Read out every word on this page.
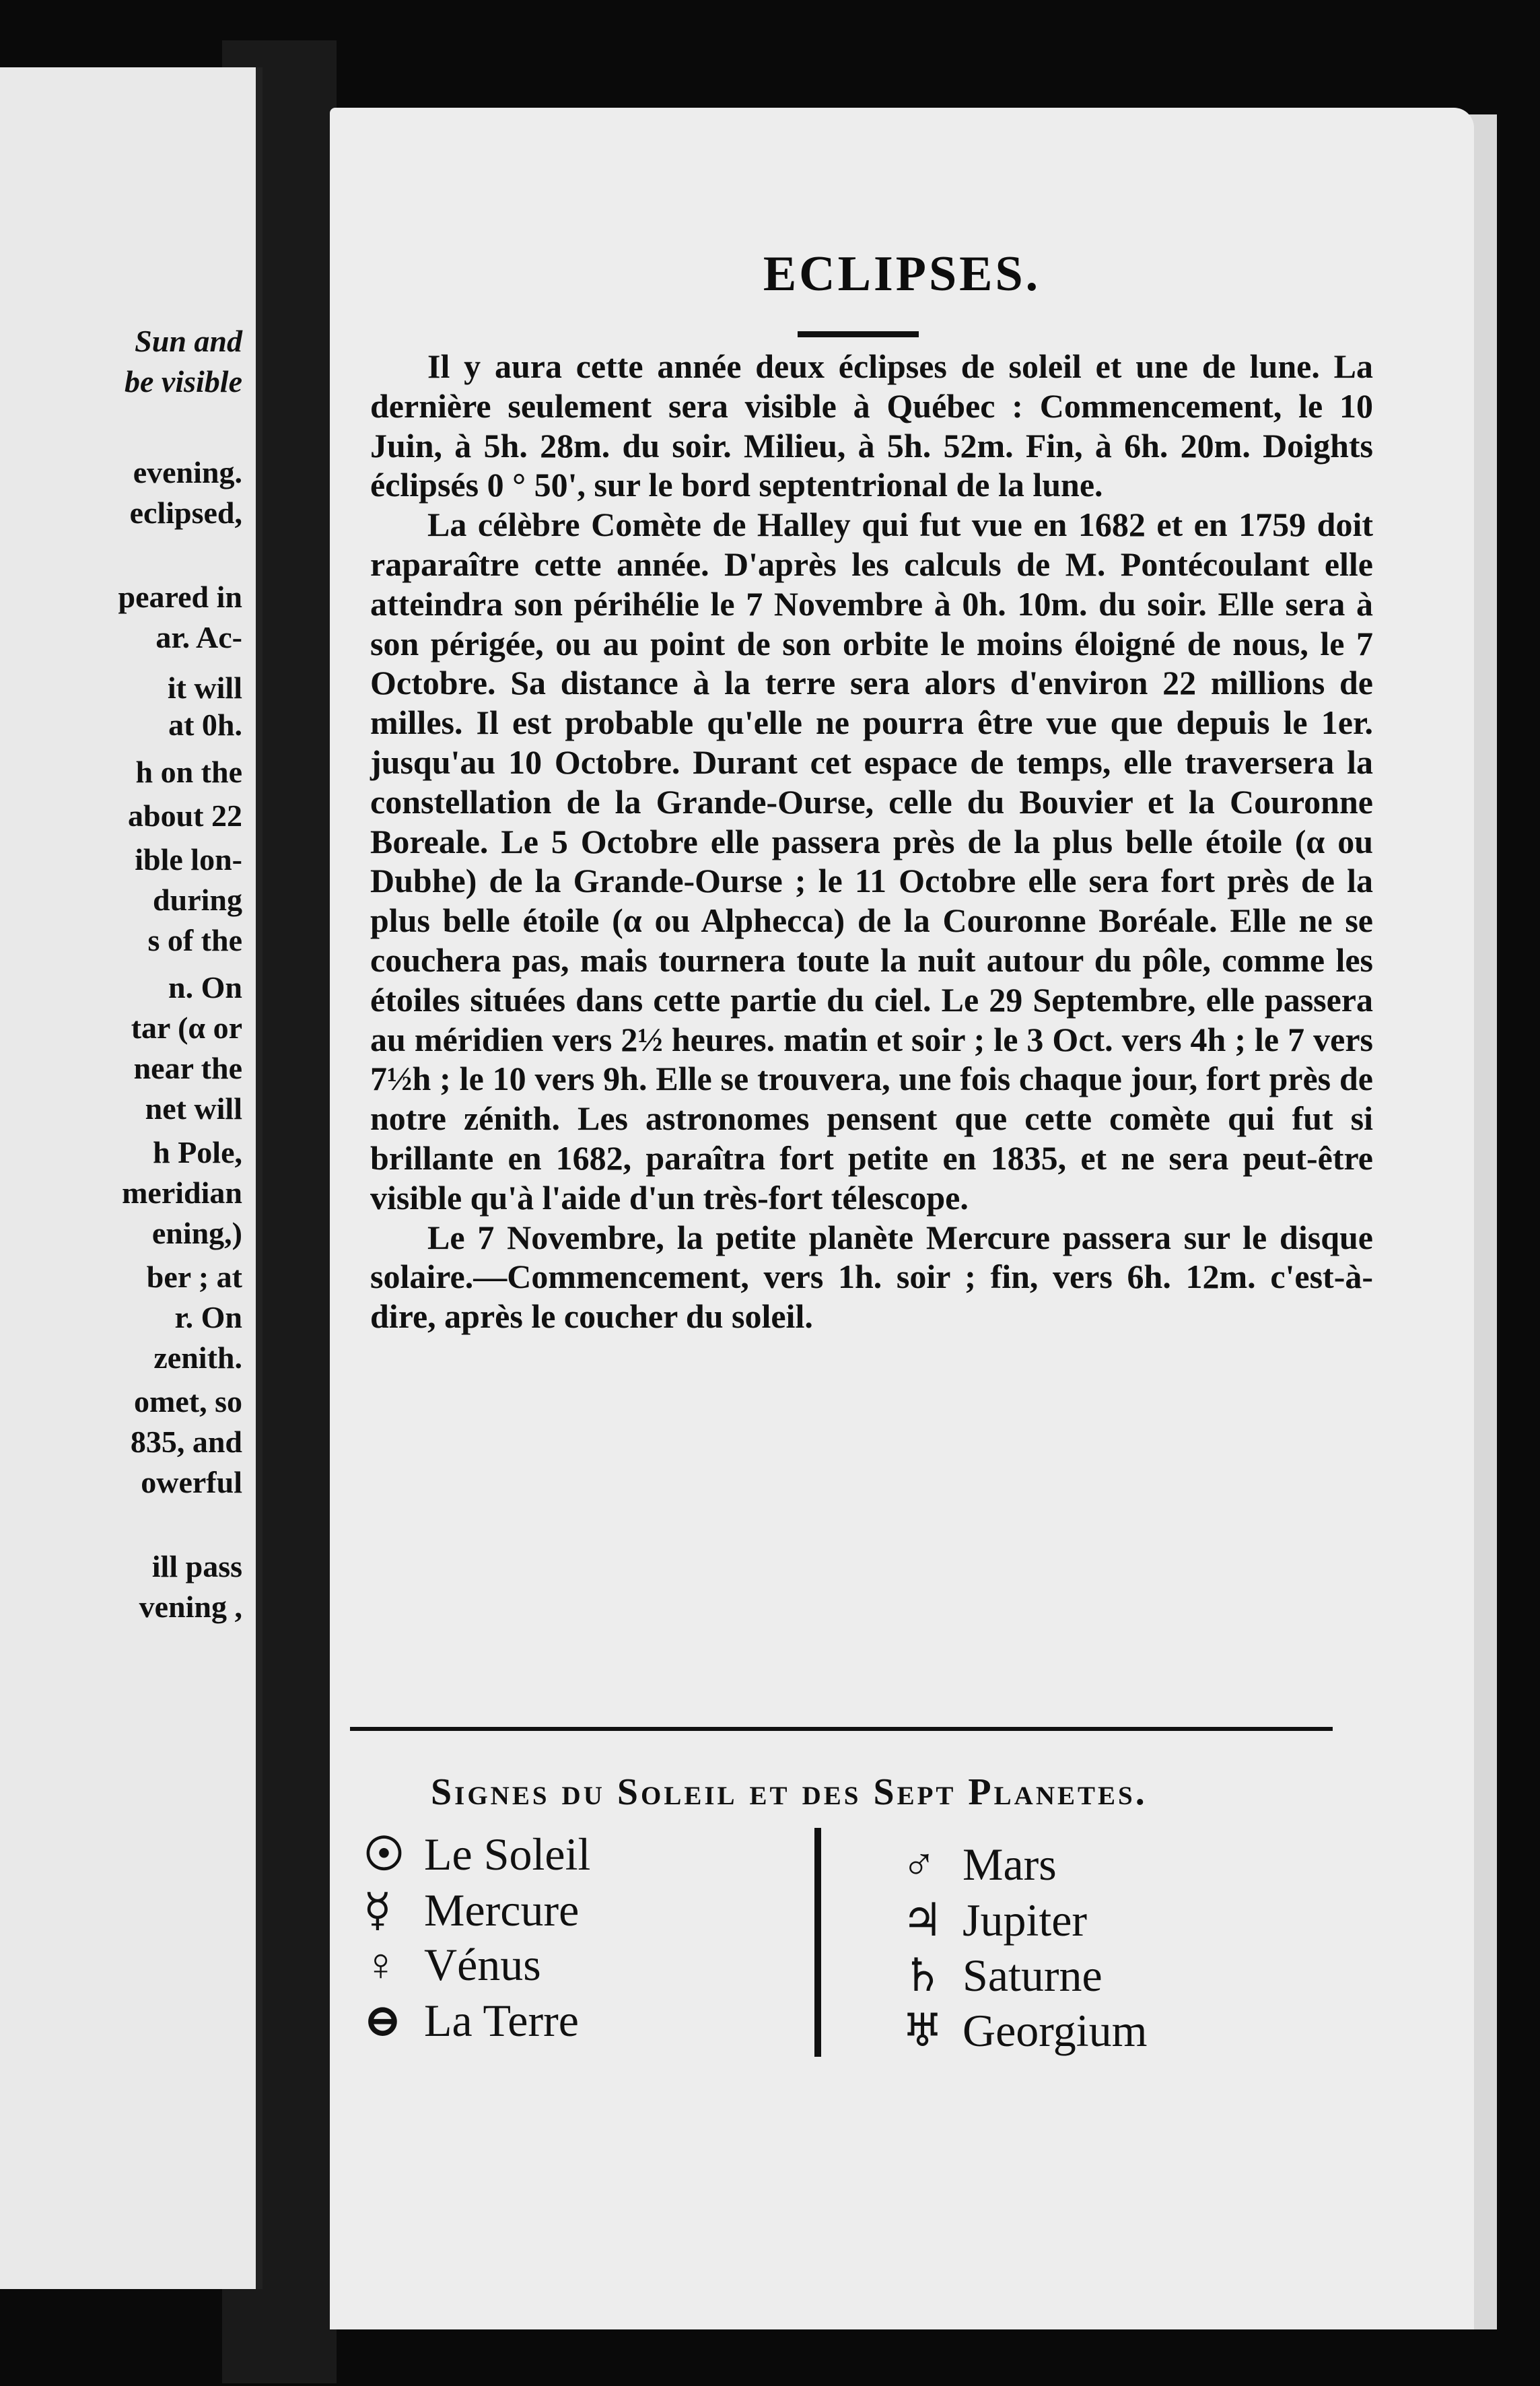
Sun and
be visible
evening.
eclipsed,
peared in
ar. Ac-
it will
at 0h.
h on the
about 22
ible lon-
during
s of the
n. On
tar (α or
near the
net will
h Pole,
meridian
ening,)
ber ; at
r. On
zenith.
omet, so
835, and
owerful
ill pass
vening ,
ECLIPSES.

Il y aura cette année deux éclipses de soleil et une de lune. La dernière seulement sera visible à Québec : Commencement, le 10 Juin, à 5h. 28m. du soir. Milieu, à 5h. 52m. Fin, à 6h. 20m. Doights éclipsés 0 ° 50', sur le bord septentrional de la lune.

La célèbre Comète de Halley qui fut vue en 1682 et en 1759 doit raparaître cette année. D'après les calculs de M. Pontécoulant elle atteindra son périhélie le 7 Novembre à 0h. 10m. du soir. Elle sera à son périgée, ou au point de son orbite le moins éloigné de nous, le 7 Octobre. Sa distance à la terre sera alors d'environ 22 millions de milles. Il est probable qu'elle ne pourra être vue que depuis le 1er. jusqu'au 10 Octobre. Durant cet espace de temps, elle traversera la constellation de la Grande-Ourse, celle du Bouvier et la Couronne Boreale. Le 5 Octobre elle passera près de la plus belle étoile (α ou Dubhe) de la Grande-Ourse ; le 11 Octobre elle sera fort près de la plus belle étoile (α ou Alphecca) de la Couronne Boréale. Elle ne se couchera pas, mais tournera toute la nuit autour du pôle, comme les étoiles situées dans cette partie du ciel. Le 29 Septembre, elle passera au méridien vers 2½ heures. matin et soir ; le 3 Oct. vers 4h ; le 7 vers 7½h ; le 10 vers 9h. Elle se trouvera, une fois chaque jour, fort près de notre zénith. Les astronomes pensent que cette comète qui fut si brillante en 1682, paraîtra fort petite en 1835, et ne sera peut-être visible qu'à l'aide d'un très-fort télescope.

Le 7 Novembre, la petite planète Mercure passera sur le disque solaire.—Commencement, vers 1h. soir ; fin, vers 6h. 12m. c'est-à-dire, après le coucher du soleil.

Signes du Soleil et des Sept Planetes.
☉ Le Soleil
☿ Mercure
♀ Vénus
⊖ La Terre
♂ Mars
♃ Jupiter
♄ Saturne
♅ Georgium
